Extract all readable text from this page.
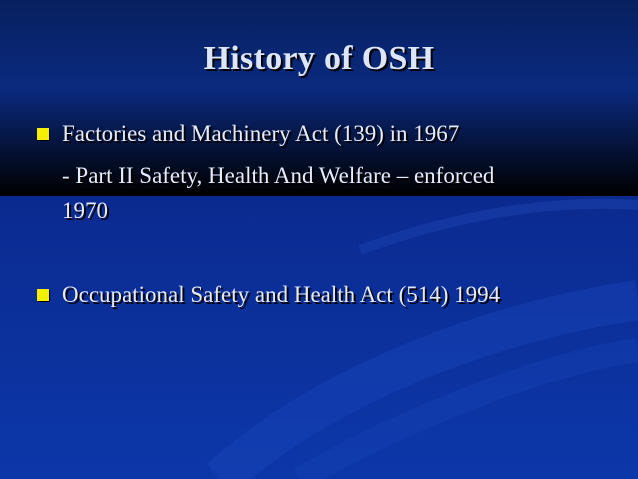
History of OSH
Factories and Machinery Act (139) in 1967
- Part II Safety, Health And Welfare – enforced
1970
Occupational Safety and Health Act (514) 1994
